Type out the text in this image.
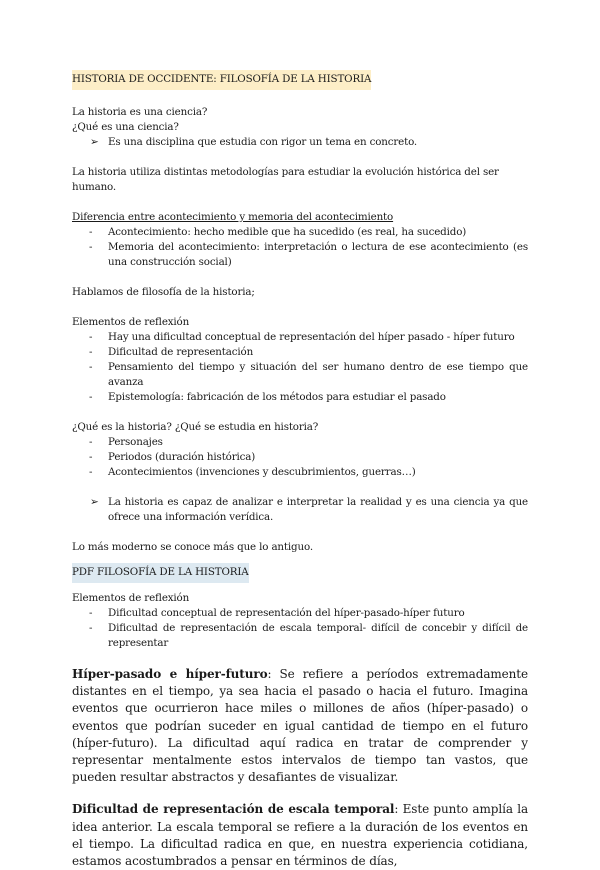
HISTORIA DE OCCIDENTE: FILOSOFÍA DE LA HISTORIA
La historia es una ciencia?
¿Qué es una ciencia?
➢ Es una disciplina que estudia con rigor un tema en concreto.
La historia utiliza distintas metodologías para estudiar la evolución histórica del ser humano.
Diferencia entre acontecimiento y memoria del acontecimiento
- Acontecimiento: hecho medible que ha sucedido (es real, ha sucedido)
- Memoria del acontecimiento: interpretación o lectura de ese acontecimiento (es una construcción social)
Hablamos de filosofía de la historia;
Elementos de reflexión
- Hay una dificultad conceptual de representación del híper pasado - híper futuro
- Dificultad de representación
- Pensamiento del tiempo y situación del ser humano dentro de ese tiempo que avanza
- Epistemología: fabricación de los métodos para estudiar el pasado
¿Qué es la historia? ¿Qué se estudia en historia?
- Personajes
- Periodos (duración histórica)
- Acontecimientos (invenciones y descubrimientos, guerras…)
➢ La historia es capaz de analizar e interpretar la realidad y es una ciencia ya que ofrece una información verídica.
Lo más moderno se conoce más que lo antiguo.
PDF FILOSOFÍA DE LA HISTORIA
Elementos de reflexión
- Dificultad conceptual de representación del híper-pasado-híper futuro
- Dificultad de representación de escala temporal- difícil de concebir y difícil de representar
Híper-pasado e híper-futuro: Se refiere a períodos extremadamente distantes en el tiempo, ya sea hacia el pasado o hacia el futuro. Imagina eventos que ocurrieron hace miles o millones de años (híper-pasado) o eventos que podrían suceder en igual cantidad de tiempo en el futuro (híper-futuro). La dificultad aquí radica en tratar de comprender y representar mentalmente estos intervalos de tiempo tan vastos, que pueden resultar abstractos y desafiantes de visualizar.
Dificultad de representación de escala temporal: Este punto amplía la idea anterior. La escala temporal se refiere a la duración de los eventos en el tiempo. La dificultad radica en que, en nuestra experiencia cotidiana, estamos acostumbrados a pensar en términos de días,
